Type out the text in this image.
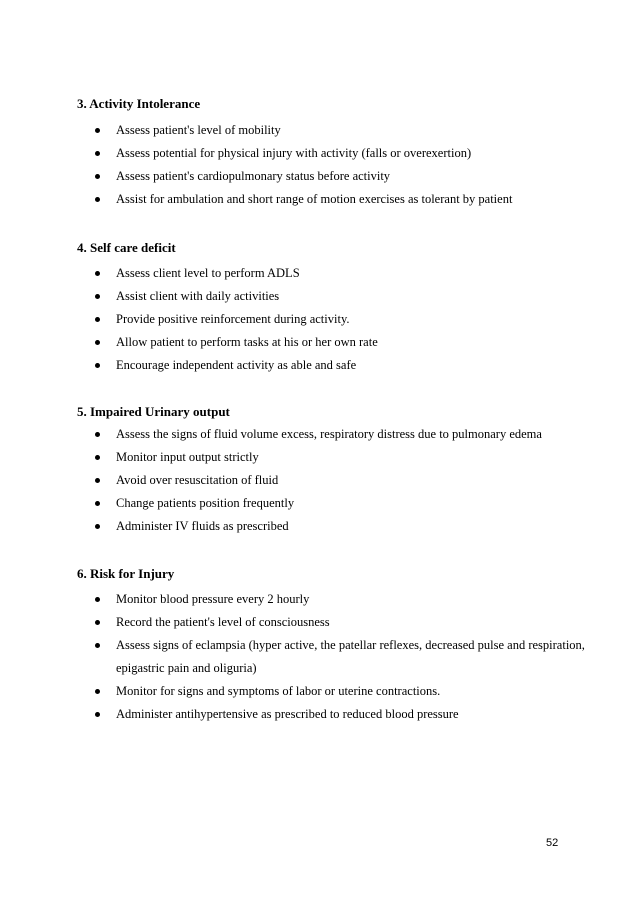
3. Activity Intolerance

Assess patient's level of mobility
Assess potential for physical injury with activity (falls or overexertion)
Assess patient's cardiopulmonary status before activity
Assist for ambulation and short range of motion exercises as tolerant by patient

4. Self care deficit

Assess client level to perform ADLS
Assist client with daily activities
Provide positive reinforcement during activity.
Allow patient to perform tasks at his or her own rate
Encourage independent activity as able and safe

5. Impaired Urinary output

Assess the signs of fluid volume excess, respiratory distress due to pulmonary edema
Monitor input output strictly
Avoid over resuscitation of fluid
Change patients position frequently
Administer IV fluids as prescribed

6. Risk for Injury

Monitor blood pressure every 2 hourly
Record the patient's level of consciousness
Assess signs of eclampsia (hyper active, the patellar reflexes, decreased pulse and respiration, epigastric pain and oliguria)
Monitor for signs and symptoms of labor or uterine contractions.
Administer antihypertensive as prescribed to reduced blood pressure
52
